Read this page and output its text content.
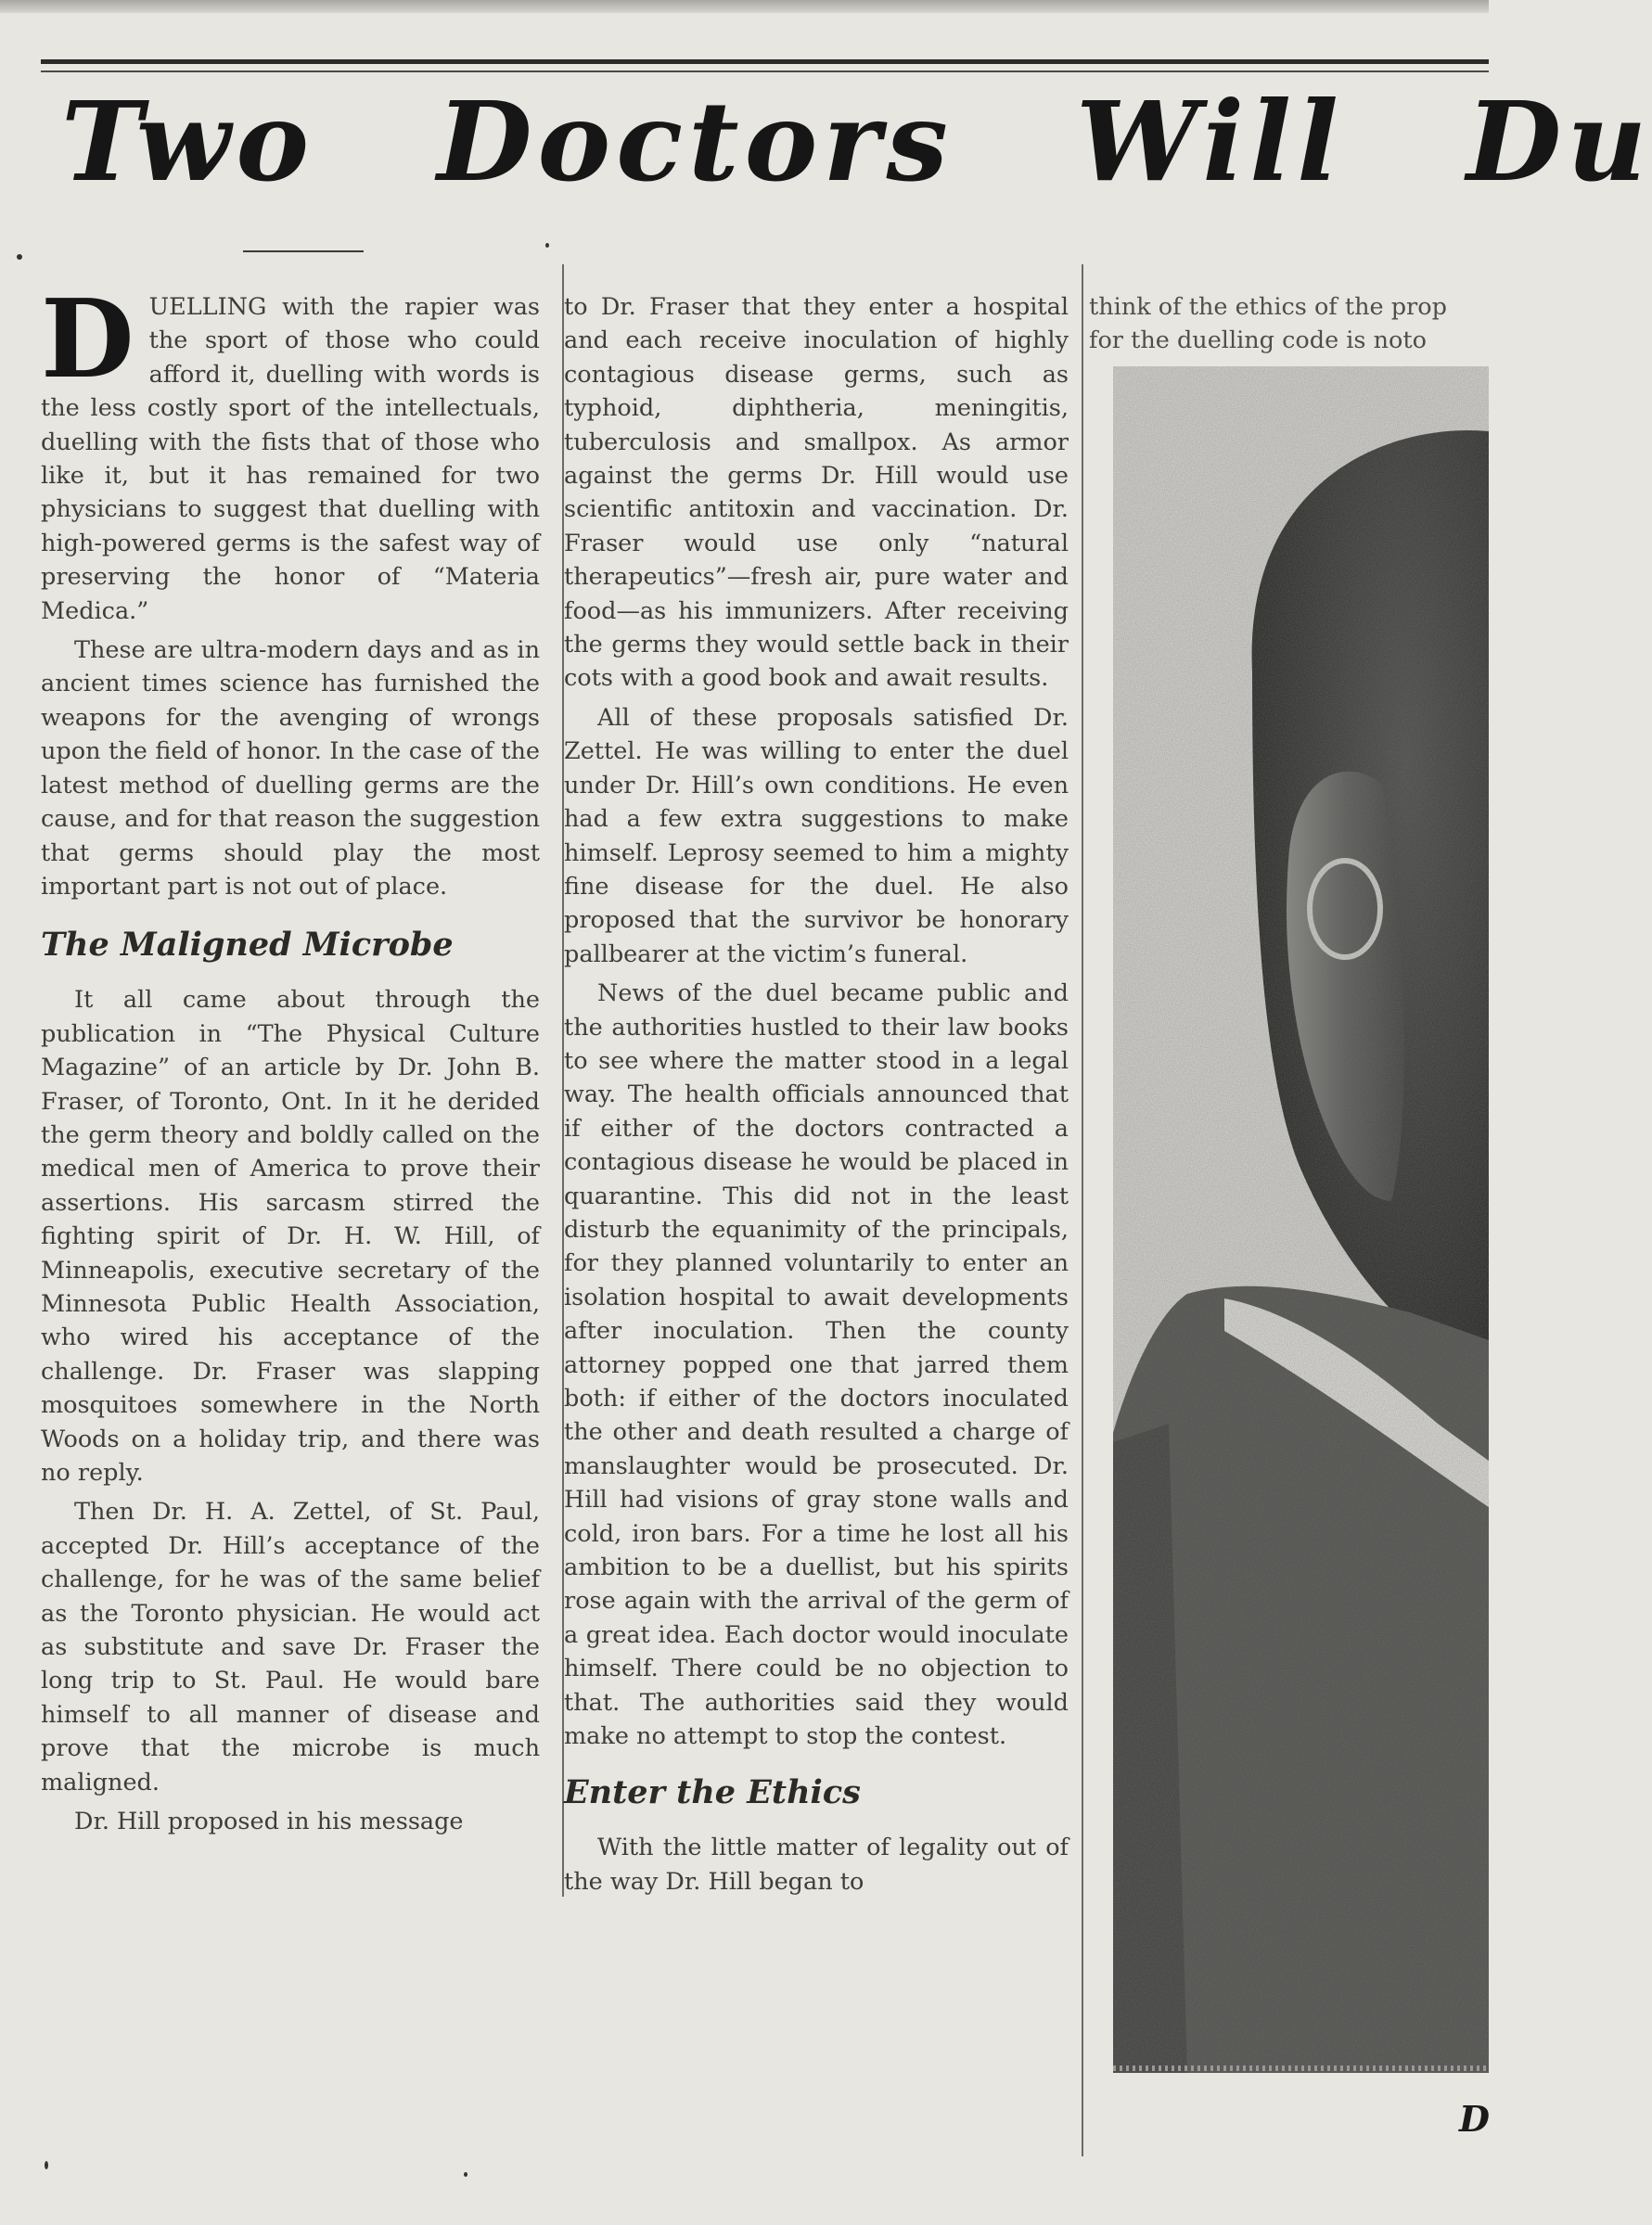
Two Doctors Will Du

DUELLING with the rapier was the sport of those who could afford it, duelling with words is the less costly sport of the intellectuals, duelling with the fists that of those who like it, but it has remained for two physicians to suggest that duelling with high-powered germs is the safest way of preserving the honor of “Materia Medica.”

These are ultra-modern days and as in ancient times science has furnished the weapons for the avenging of wrongs upon the field of honor. In the case of the latest method of duelling germs are the cause, and for that reason the suggestion that germs should play the most important part is not out of place.

The Maligned Microbe

It all came about through the publication in “The Physical Culture Magazine” of an article by Dr. John B. Fraser, of Toronto, Ont. In it he derided the germ theory and boldly called on the medical men of America to prove their assertions. His sarcasm stirred the fighting spirit of Dr. H. W. Hill, of Minneapolis, executive secretary of the Minnesota Public Health Association, who wired his acceptance of the challenge. Dr. Fraser was slapping mosquitoes somewhere in the North Woods on a holiday trip, and there was no reply.

Then Dr. H. A. Zettel, of St. Paul, accepted Dr. Hill’s acceptance of the challenge, for he was of the same belief as the Toronto physician. He would act as substitute and save Dr. Fraser the long trip to St. Paul. He would bare himself to all manner of disease and prove that the microbe is much maligned.

Dr. Hill proposed in his message

to Dr. Fraser that they enter a hospital and each receive inoculation of highly contagious disease germs, such as typhoid, diphtheria, meningitis, tuberculosis and smallpox. As armor against the germs Dr. Hill would use scientific antitoxin and vaccination. Dr. Fraser would use only “natural therapeutics”—fresh air, pure water and food—as his immunizers. After receiving the germs they would settle back in their cots with a good book and await results.

All of these proposals satisfied Dr. Zettel. He was willing to enter the duel under Dr. Hill’s own conditions. He even had a few extra suggestions to make himself. Leprosy seemed to him a mighty fine disease for the duel. He also proposed that the survivor be honorary pallbearer at the victim’s funeral.

News of the duel became public and the authorities hustled to their law books to see where the matter stood in a legal way. The health officials announced that if either of the doctors contracted a contagious disease he would be placed in quarantine. This did not in the least disturb the equanimity of the principals, for they planned voluntarily to enter an isolation hospital to await developments after inoculation. Then the county attorney popped one that jarred them both: if either of the doctors inoculated the other and death resulted a charge of manslaughter would be prosecuted. Dr. Hill had visions of gray stone walls and cold, iron bars. For a time he lost all his ambition to be a duellist, but his spirits rose again with the arrival of the germ of a great idea. Each doctor would inoculate himself. There could be no objection to that. The authorities said they would make no attempt to stop the contest.

Enter the Ethics

With the little matter of legality out of the way Dr. Hill began to

think of the ethics of the prop

for the duelling code is noto

D
